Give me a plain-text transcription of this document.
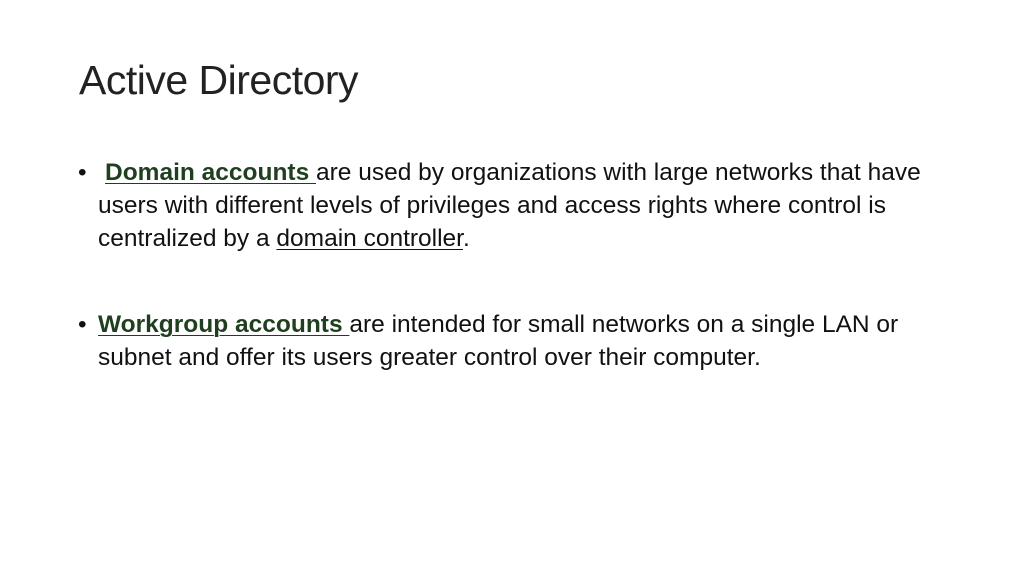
Active Directory
• Domain accounts are used by organizations with large networks that have users with different levels of privileges and access rights where control is centralized by a domain controller.
• Workgroup accounts are intended for small networks on a single LAN or subnet and offer its users greater control over their computer.
